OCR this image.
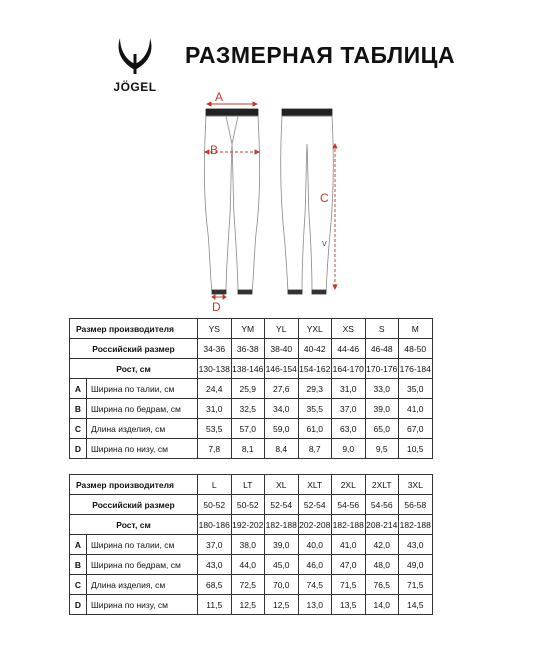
JÖGEL
РАЗМЕРНАЯ ТАБЛИЦА
A
B
C
V
D
Размер производителя		YS	YM	YL	YXL	XS	S	M
Российский размер		34-36	36-38	38-40	40-42	44-46	46-48	48-50
Рост, см		130-138	138-146	146-154	154-162	164-170	170-176	176-184
A	Ширина по талии, см	24,4	25,9	27,6	29,3	31,0	33,0	35,0
B	Ширина по бедрам, см	31,0	32,5	34,0	35,5	37,0	39,0	41,0
C	Длина изделия, см	53,5	57,0	59,0	61,0	63,0	65,0	67,0
D	Ширина по низу, см	7,8	8,1	8,4	8,7	9,0	9,5	10,5
Размер производителя		L	LT	XL	XLT	2XL	2XLT	3XL
Российский размер		50-52	50-52	52-54	52-54	54-56	54-56	56-58
Рост, см		180-186	192-202	182-188	202-208	182-188	208-214	182-188
A	Ширина по талии, см	37,0	38,0	39,0	40,0	41,0	42,0	43,0
B	Ширина по бедрам, см	43,0	44,0	45,0	46,0	47,0	48,0	49,0
C	Длина изделия, см	68,5	72,5	70,0	74,5	71,5	76,5	71,5
D	Ширина по низу, см	11,5	12,5	12,5	13,0	13,5	14,0	14,5
